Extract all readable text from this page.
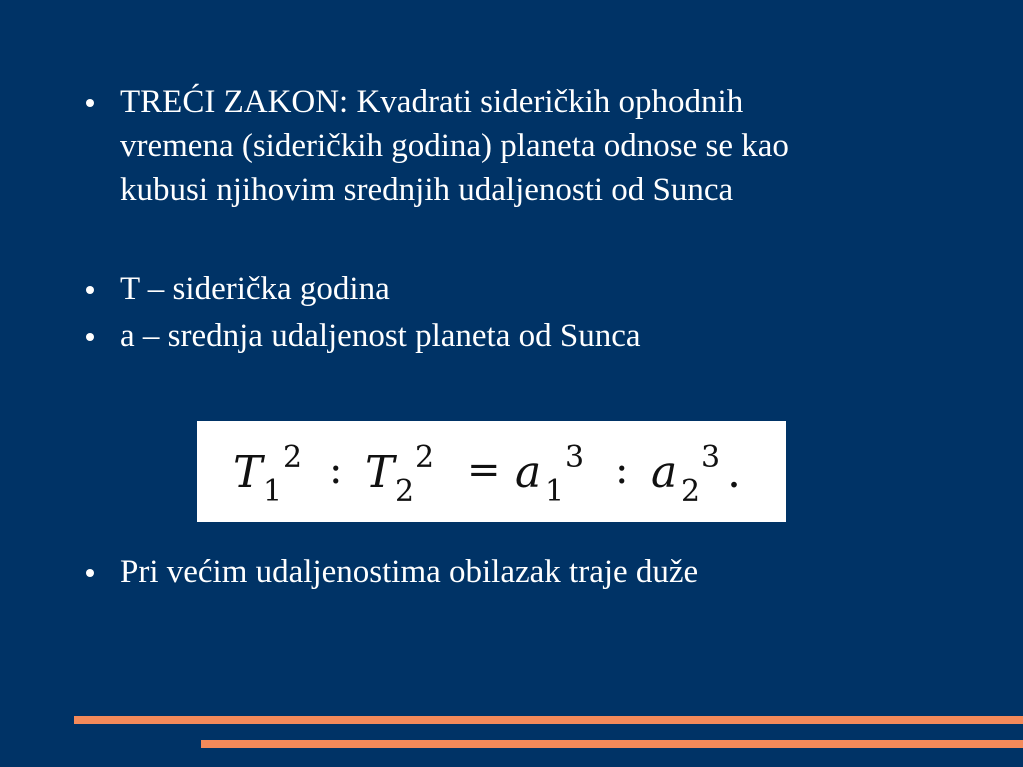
TREĆI ZAKON: Kvadrati sideričkih ophodnih
vremena (sideričkih godina) planeta odnose se kao
kubusi njihovim srednjih udaljenosti od Sunca
T – siderička godina
a – srednja udaljenost planeta od Sunca
T 1
2 : T 2
2 = a 1
3 : a 2
3 .
Pri većim udaljenostima obilazak traje duže
